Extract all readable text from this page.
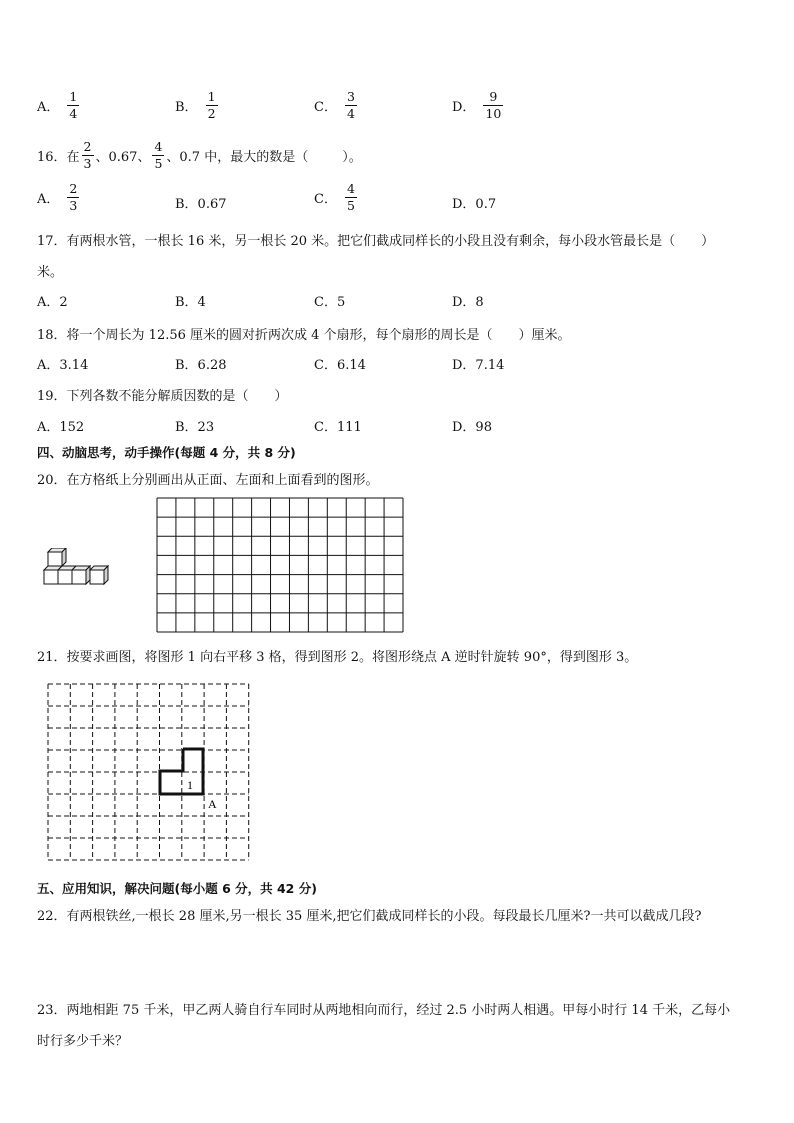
A． $\frac{1}{4}$	B． $\frac{1}{2}$	C． $\frac{3}{4}$	D． $\frac{9}{10}$
16．在 $\frac{2}{3}$ 、0.67、 $\frac{4}{5}$ 、0.7 中，最大的数是（	）。
A． $\frac{2}{3}$	B．0.67	C． $\frac{4}{5}$	D．0.7
17．有两根水管，一根长 16 米，另一根长 20 米。把它们截成同样长的小段且没有剩余，每小段水管最长是（　　）
米。
A．2	B．4	C．5	D．8
18．将一个周长为 12.56 厘米的圆对折两次成 4 个扇形，每个扇形的周长是（　　）厘米。
A．3.14	B．6.28	C．6.14	D．7.14
19．下列各数不能分解质因数的是（　　）
A．152	B．23	C．111	D．98
四、动脑思考，动手操作(每题 4 分，共 8 分)
20．在方格纸上分别画出从正面、左面和上面看到的图形。
21．按要求画图，将图形 1 向右平移 3 格，得到图形 2。将图形绕点 A 逆时针旋转 90°，得到图形 3。
1
A
五、应用知识，解决问题(每小题 6 分，共 42 分)
22．有两根铁丝,一根长 28 厘米,另一根长 35 厘米,把它们截成同样长的小段。每段最长几厘米?一共可以截成几段?
23．两地相距 75 千米，甲乙两人骑自行车同时从两地相向而行，经过 2.5 小时两人相遇。甲每小时行 14 千米，乙每小
时行多少千米？
